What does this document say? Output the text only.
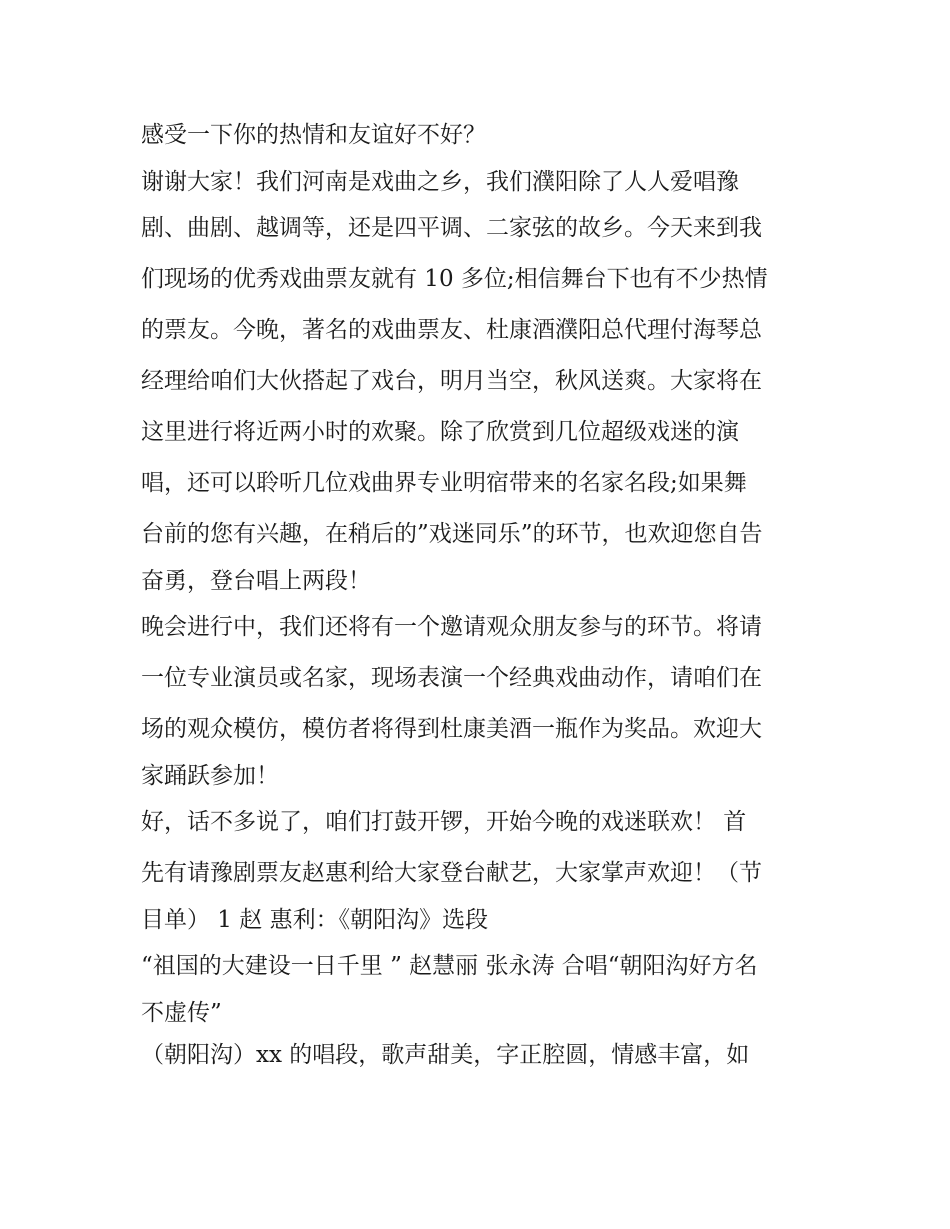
感受一下你的热情和友谊好不好？
谢谢大家！我们河南是戏曲之乡，我们濮阳除了人人爱唱豫
剧、曲剧、越调等，还是四平调、二家弦的故乡。今天来到我
们现场的优秀戏曲票友就有 10 多位;相信舞台下也有不少热情
的票友。今晚，著名的戏曲票友、杜康酒濮阳总代理付海琴总
经理给咱们大伙搭起了戏台，明月当空，秋风送爽。大家将在
这里进行将近两小时的欢聚。除了欣赏到几位超级戏迷的演
唱，还可以聆听几位戏曲界专业明宿带来的名家名段;如果舞
台前的您有兴趣，在稍后的”戏迷同乐”的环节，也欢迎您自告
奋勇，登台唱上两段！
晚会进行中，我们还将有一个邀请观众朋友参与的环节。将请
一位专业演员或名家，现场表演一个经典戏曲动作，请咱们在
场的观众模仿，模仿者将得到杜康美酒一瓶作为奖品。欢迎大
家踊跃参加！
好，话不多说了，咱们打鼓开锣，开始今晚的戏迷联欢！ 首
先有请豫剧票友赵惠利给大家登台献艺，大家掌声欢迎！（节
目单） 1 赵 惠利：《朝阳沟》选段
“祖国的大建设一日千里 ” 赵慧丽 张永涛 合唱“朝阳沟好方名
不虚传”
（朝阳沟）xx 的唱段，歌声甜美，字正腔圆，情感丰富，如
